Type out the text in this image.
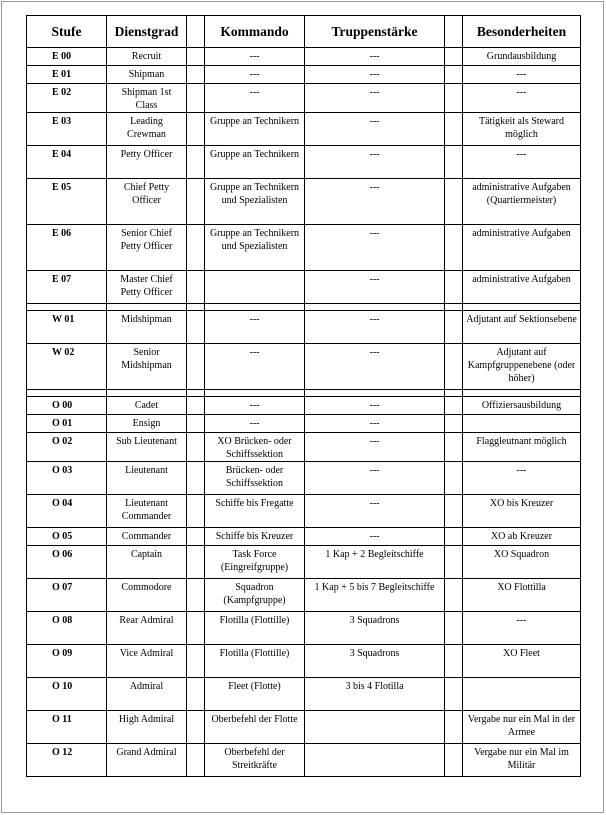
Stufe	Dienstgrad		Kommando	Truppenstärke		Besonderheiten

E 00	Recruit		---	---		Grundausbildung

E 01	Shipman		---	---		---

E 02	Shipman 1st Class		---	---		---

E 03	Leading Crewman		Gruppe an Technikern	---		Tätigkeit als Steward möglich

E 04	Petty Officer		Gruppe an Technikern	---		---

E 05	Chief Petty Officer		Gruppe an Technikern und Spezialisten	---		administrative Aufgaben (Quartiermeister)

E 06	Senior Chief Petty Officer		Gruppe an Technikern und Spezialisten	---		administrative Aufgaben

E 07	Master Chief Petty Officer			---		administrative Aufgaben

W 01	Midshipman		---	---		Adjutant auf Sektionsebene

W 02	Senior Midshipman		---	---		Adjutant auf Kampfgruppenebene (oder höher)

O 00	Cadet		---	---		Offiziersausbildung

O 01	Ensign		---	---		

O 02	Sub Lieutenant		XO Brücken- oder Schiffssektion	---		Flaggleutnant möglich

O 03	Lieutenant		Brücken- oder Schiffssektion	---		---

O 04	Lieutenant Commander		Schiffe bis Fregatte	---		XO bis Kreuzer

O 05	Commander		Schiffe bis Kreuzer	---		XO ab Kreuzer

O 06	Captain		Task Force (Eingreifgruppe)	1 Kap + 2 Begleitschiffe		XO Squadron

O 07	Commodore		Squadron (Kampfgruppe)	1 Kap + 5 bis 7 Begleitschiffe		XO Flottilla

O 08	Rear Admiral		Flotilla (Flottille)	3 Squadrons		---

O 09	Vice Admiral		Flotilla (Flottille)	3 Squadrons		XO Fleet

O 10	Admiral		Fleet (Flotte)	3 bis 4 Flotilla		

O 11	High Admiral		Oberbefehl der Flotte			Vergabe nur ein Mal in der Armee

O 12	Grand Admiral		Oberbefehl der Streitkräfte			Vergabe nur ein Mal im Militär
